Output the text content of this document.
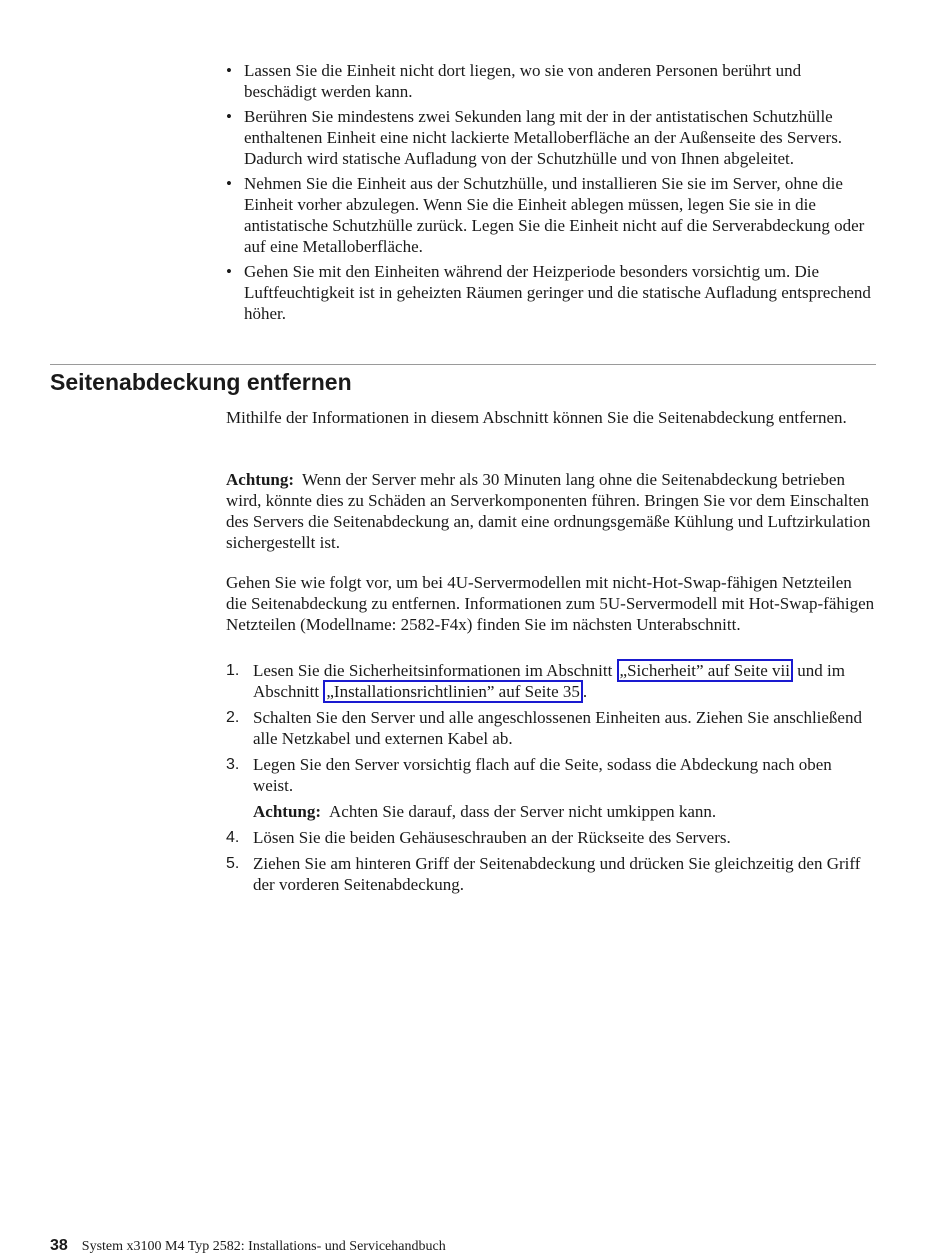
• Lassen Sie die Einheit nicht dort liegen, wo sie von anderen Personen berührt und beschädigt werden kann.
• Berühren Sie mindestens zwei Sekunden lang mit der in der antistatischen Schutzhülle enthaltenen Einheit eine nicht lackierte Metalloberfläche an der Außenseite des Servers. Dadurch wird statische Aufladung von der Schutzhülle und von Ihnen abgeleitet.
• Nehmen Sie die Einheit aus der Schutzhülle, und installieren Sie sie im Server, ohne die Einheit vorher abzulegen. Wenn Sie die Einheit ablegen müssen, legen Sie sie in die antistatische Schutzhülle zurück. Legen Sie die Einheit nicht auf die Serverabdeckung oder auf eine Metalloberfläche.
• Gehen Sie mit den Einheiten während der Heizperiode besonders vorsichtig um. Die Luftfeuchtigkeit ist in geheizten Räumen geringer und die statische Aufladung entsprechend höher.
Seitenabdeckung entfernen

Mithilfe der Informationen in diesem Abschnitt können Sie die Seitenabdeckung entfernen.

Achtung: Wenn der Server mehr als 30 Minuten lang ohne die Seitenabdeckung betrieben wird, könnte dies zu Schäden an Serverkomponenten führen. Bringen Sie vor dem Einschalten des Servers die Seitenabdeckung an, damit eine ordnungsgemäße Kühlung und Luftzirkulation sichergestellt ist.

Gehen Sie wie folgt vor, um bei 4U-Servermodellen mit nicht-Hot-Swap-fähigen Netzteilen die Seitenabdeckung zu entfernen. Informationen zum 5U-Servermodell mit Hot-Swap-fähigen Netzteilen (Modellname: 2582-F4x) finden Sie im nächsten Unterabschnitt.

1. Lesen Sie die Sicherheitsinformationen im Abschnitt „Sicherheit” auf Seite vii und im Abschnitt „Installationsrichtlinien” auf Seite 35 .
2. Schalten Sie den Server und alle angeschlossenen Einheiten aus. Ziehen Sie anschließend alle Netzkabel und externen Kabel ab.
3. Legen Sie den Server vorsichtig flach auf die Seite, sodass die Abdeckung nach oben weist.
Achtung: Achten Sie darauf, dass der Server nicht umkippen kann.
4. Lösen Sie die beiden Gehäuseschrauben an der Rückseite des Servers.
5. Ziehen Sie am hinteren Griff der Seitenabdeckung und drücken Sie gleichzeitig den Griff der vorderen Seitenabdeckung.
38 System x3100 M4 Typ 2582: Installations- und Servicehandbuch
